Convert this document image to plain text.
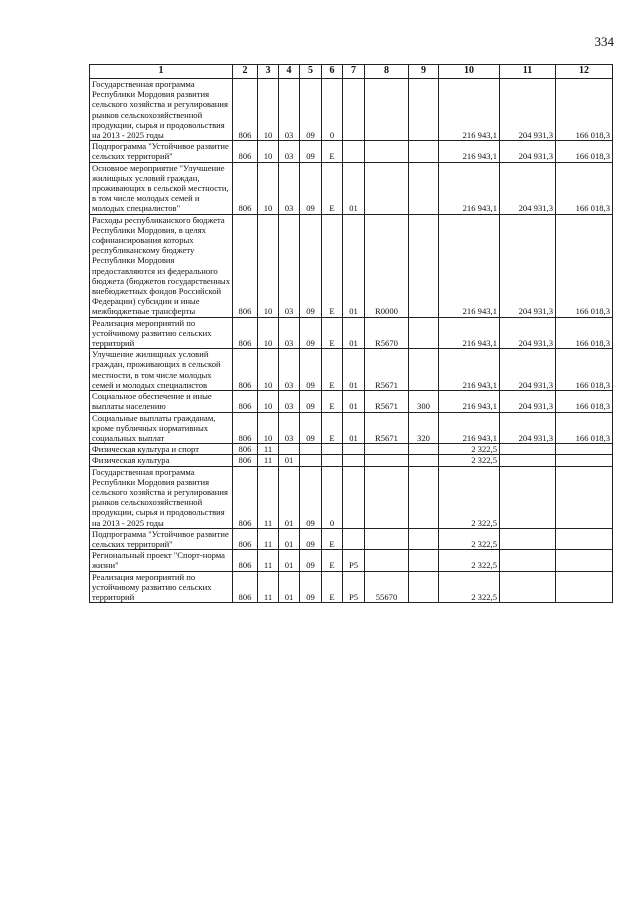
334
1	2	3	4	5	6	7	8	9	10	11	12
Государственная программа Республики Мордовия развития сельского хозяйства и регулирования рынков сельскохозяйственной продукции, сырья и продовольствия на 2013 - 2025 годы	806	10	03	09	0				216 943,1	204 931,3	166 018,3
Подпрограмма "Устойчивое развитие сельских территорий"	806	10	03	09	Е				216 943,1	204 931,3	166 018,3
Основное мероприятие "Улучшение жилищных условий граждан, проживающих в сельской местности, в том числе молодых семей и молодых специалистов"	806	10	03	09	Е	01			216 943,1	204 931,3	166 018,3
Расходы республиканского бюджета Республики Мордовия, в целях софинансирования которых республиканскому бюджету Республики Мордовия предоставляются из федерального бюджета (бюджетов государственных внебюджетных фондов Российской Федерации) субсидии и иные межбюджетные трансферты	806	10	03	09	Е	01	R0000		216 943,1	204 931,3	166 018,3
Реализация мероприятий по устойчивому развитию сельских территорий	806	10	03	09	Е	01	R5670		216 943,1	204 931,3	166 018,3
Улучшение жилищных условий граждан, проживающих в сельской местности, в том числе молодых семей и молодых специалистов	806	10	03	09	Е	01	R5671		216 943,1	204 931,3	166 018,3
Социальное обеспечение и иные выплаты населению	806	10	03	09	Е	01	R5671	300	216 943,1	204 931,3	166 018,3
Социальные выплаты гражданам, кроме публичных нормативных социальных выплат	806	10	03	09	Е	01	R5671	320	216 943,1	204 931,3	166 018,3
Физическая культура и спорт	806	11							2 322,5		
Физическая культура	806	11	01						2 322,5		
Государственная программа Республики Мордовия развития сельского хозяйства и регулирования рынков сельскохозяйственной продукции, сырья и продовольствия на 2013 - 2025 годы	806	11	01	09	0				2 322,5		
Подпрограмма "Устойчивое развитие сельских территорий"	806	11	01	09	Е				2 322,5		
Региональный проект "Спорт-норма жизни"	806	11	01	09	Е	Р5			2 322,5		
Реализация мероприятий по устойчивому развитию сельских территорий	806	11	01	09	Е	Р5	55670		2 322,5		
